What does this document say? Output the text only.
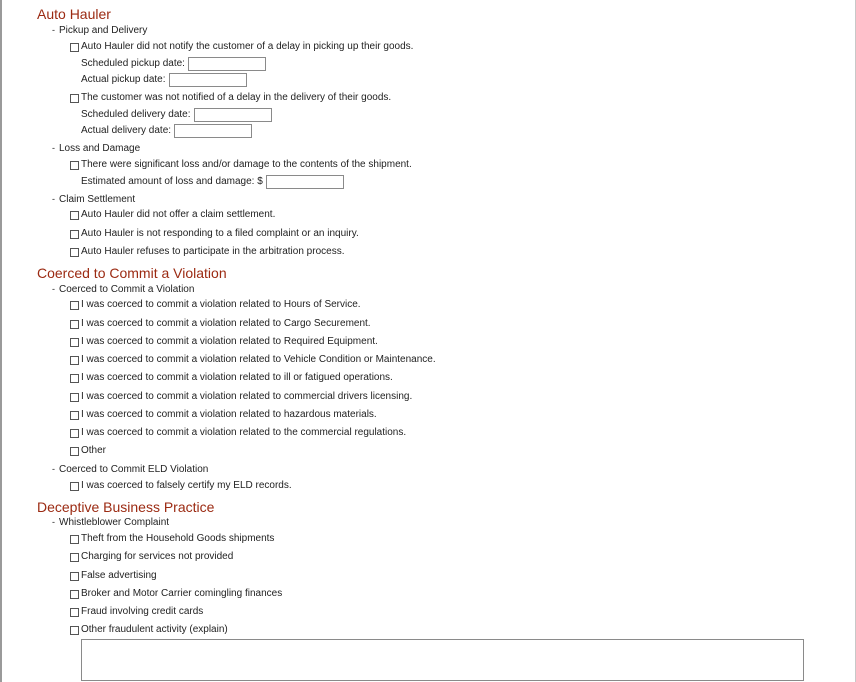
Auto Hauler
- Pickup and Delivery
Auto Hauler did not notify the customer of a delay in picking up their goods.
Scheduled pickup date:
Actual pickup date:
The customer was not notified of a delay in the delivery of their goods.
Scheduled delivery date:
Actual delivery date:
- Loss and Damage
There were significant loss and/or damage to the contents of the shipment.
Estimated amount of loss and damage: $
- Claim Settlement
Auto Hauler did not offer a claim settlement.
Auto Hauler is not responding to a filed complaint or an inquiry.
Auto Hauler refuses to participate in the arbitration process.
Coerced to Commit a Violation
- Coerced to Commit a Violation
I was coerced to commit a violation related to Hours of Service.
I was coerced to commit a violation related to Cargo Securement.
I was coerced to commit a violation related to Required Equipment.
I was coerced to commit a violation related to Vehicle Condition or Maintenance.
I was coerced to commit a violation related to ill or fatigued operations.
I was coerced to commit a violation related to commercial drivers licensing.
I was coerced to commit a violation related to hazardous materials.
I was coerced to commit a violation related to the commercial regulations.
Other
- Coerced to Commit ELD Violation
I was coerced to falsely certify my ELD records.
Deceptive Business Practice
- Whistleblower Complaint
Theft from the Household Goods shipments
Charging for services not provided
False advertising
Broker and Motor Carrier comingling finances
Fraud involving credit cards
Other fraudulent activity (explain)
